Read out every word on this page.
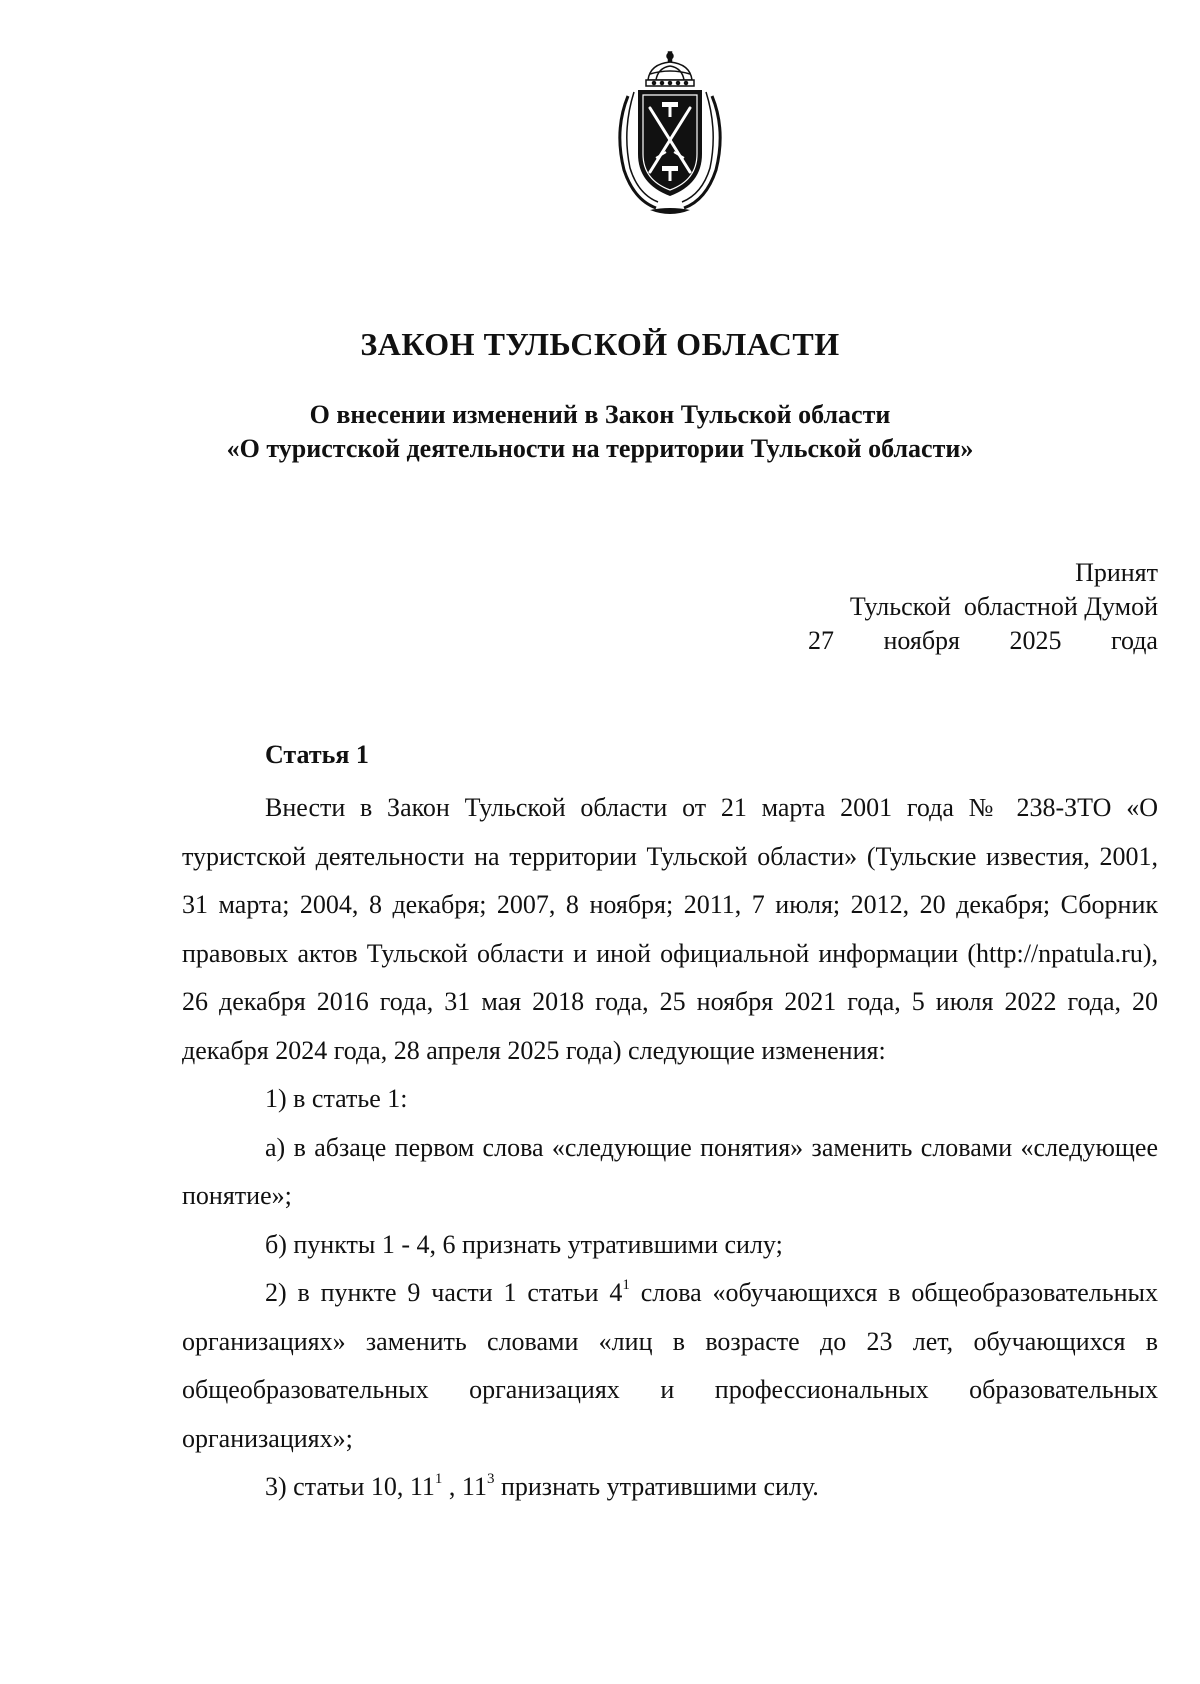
ЗАКОН ТУЛЬСКОЙ ОБЛАСТИ
О внесении изменений в Закон Тульской области
«О туристской деятельности на территории Тульской области»
Принят
Тульской  областной Думой
27 ноября 2025 года
Статья 1

Внести в Закон Тульской области от 21 марта 2001 года № 238-ЗТО «О туристской деятельности на территории Тульской области» (Тульские известия, 2001, 31 марта; 2004, 8 декабря; 2007, 8 ноября; 2011, 7 июля; 2012, 20 декабря; Сборник правовых актов Тульской области и иной официальной информации (http://npatula.ru), 26 декабря 2016 года, 31 мая 2018 года, 25 ноября 2021 года, 5 июля 2022 года, 20 декабря 2024 года, 28 апреля 2025 года) следующие изменения:

1) в статье 1:

а) в абзаце первом слова «следующие понятия» заменить словами «следующее понятие»;

б) пункты 1 - 4, 6 признать утратившими силу;

2) в пункте 9 части 1 статьи $4^1$ слова «обучающихся в общеобразовательных организациях» заменить словами «лиц в возрасте до 23 лет, обучающихся в общеобразовательных организациях и профессиональных образовательных организациях»;

3) статьи 10, $11^1$ , $11^3$ признать утратившими силу.
